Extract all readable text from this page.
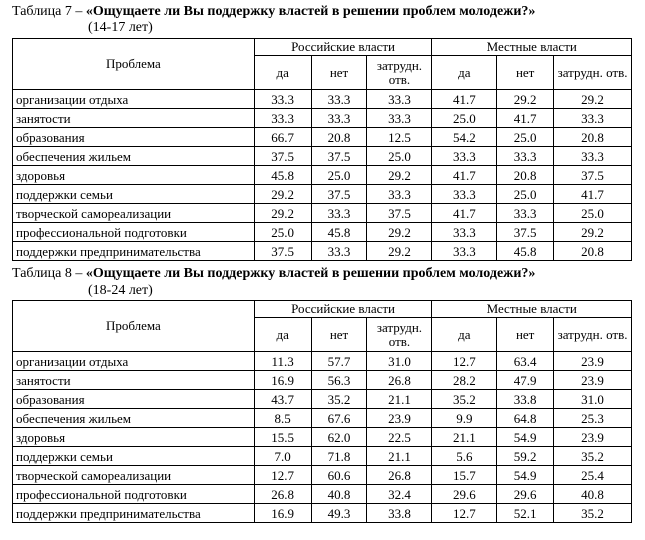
Таблица 7 – «Ощущаете ли Вы поддержку властей в решении проблем молодежи?»
(14-17 лет)
Проблема	Российские власти			Местные власти		
	да	нет	затрудн. отв.	да	нет	затрудн. отв.
организации отдыха	33.3	33.3	33.3	41.7	29.2	29.2
занятости	33.3	33.3	33.3	25.0	41.7	33.3
образования	66.7	20.8	12.5	54.2	25.0	20.8
обеспечения жильем	37.5	37.5	25.0	33.3	33.3	33.3
здоровья	45.8	25.0	29.2	41.7	20.8	37.5
поддержки семьи	29.2	37.5	33.3	33.3	25.0	41.7
творческой самореализации	29.2	33.3	37.5	41.7	33.3	25.0
профессиональной подготовки	25.0	45.8	29.2	33.3	37.5	29.2
поддержки предпринимательства	37.5	33.3	29.2	33.3	45.8	20.8
Таблица 8 – «Ощущаете ли Вы поддержку властей в решении проблем молодежи?»
(18-24 лет)
Проблема	Российские власти			Местные власти		
	да	нет	затрудн. отв.	да	нет	затрудн. отв.
организации отдыха	11.3	57.7	31.0	12.7	63.4	23.9
занятости	16.9	56.3	26.8	28.2	47.9	23.9
образования	43.7	35.2	21.1	35.2	33.8	31.0
обеспечения жильем	8.5	67.6	23.9	9.9	64.8	25.3
здоровья	15.5	62.0	22.5	21.1	54.9	23.9
поддержки семьи	7.0	71.8	21.1	5.6	59.2	35.2
творческой самореализации	12.7	60.6	26.8	15.7	54.9	25.4
профессиональной подготовки	26.8	40.8	32.4	29.6	29.6	40.8
поддержки предпринимательства	16.9	49.3	33.8	12.7	52.1	35.2
